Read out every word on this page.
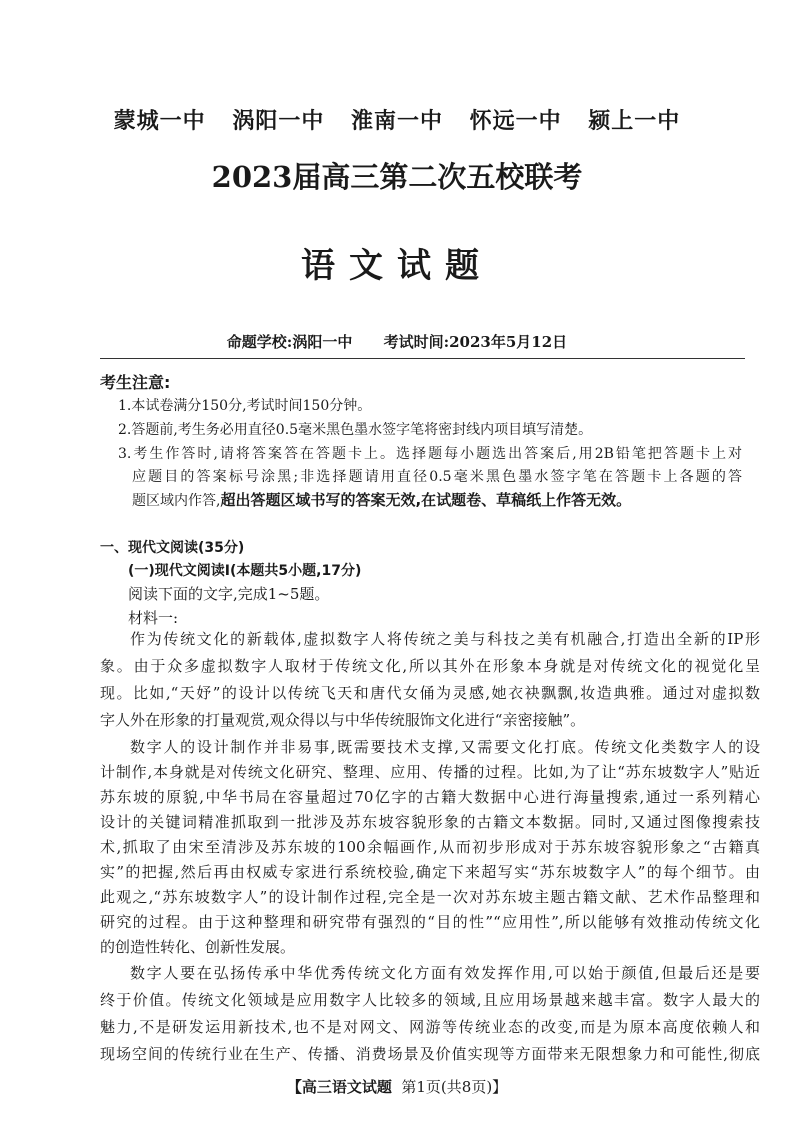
蒙城一中 涡阳一中 淮南一中 怀远一中 颍上一中
2023届高三第二次五校联考
语文试题
命题学校:涡阳一中 考试时间:2023年5月12日
考生注意:
1.本试卷满分150分,考试时间150分钟。
2.答题前,考生务必用直径0.5毫米黑色墨水签字笔将密封线内项目填写清楚。
3.考生作答时,请将答案答在答题卡上。选择题每小题选出答案后,用2B铅笔把答题卡上对
应题目的答案标号涂黑;非选择题请用直径0.5毫米黑色墨水签字笔在答题卡上各题的答
题区域内作答,超出答题区域书写的答案无效,在试题卷、草稿纸上作答无效。
一、现代文阅读(35分)
(一)现代文阅读Ⅰ(本题共5小题,17分)
阅读下面的文字,完成1~5题。
材料一:
作为传统文化的新载体,虚拟数字人将传统之美与科技之美有机融合,打造出全新的IP形
象。由于众多虚拟数字人取材于传统文化,所以其外在形象本身就是对传统文化的视觉化呈
现。比如,“天妤”的设计以传统飞天和唐代女俑为灵感,她衣袂飘飘,妆造典雅。通过对虚拟数
字人外在形象的打量观赏,观众得以与中华传统服饰文化进行“亲密接触”。
数字人的设计制作并非易事,既需要技术支撑,又需要文化打底。传统文化类数字人的设
计制作,本身就是对传统文化研究、整理、应用、传播的过程。比如,为了让“苏东坡数字人”贴近
苏东坡的原貌,中华书局在容量超过70亿字的古籍大数据中心进行海量搜索,通过一系列精心
设计的关键词精准抓取到一批涉及苏东坡容貌形象的古籍文本数据。同时,又通过图像搜索技
术,抓取了由宋至清涉及苏东坡的100余幅画作,从而初步形成对于苏东坡容貌形象之“古籍真
实”的把握,然后再由权威专家进行系统校验,确定下来超写实“苏东坡数字人”的每个细节。由
此观之,“苏东坡数字人”的设计制作过程,完全是一次对苏东坡主题古籍文献、艺术作品整理和
研究的过程。由于这种整理和研究带有强烈的“目的性”“应用性”,所以能够有效推动传统文化
的创造性转化、创新性发展。
数字人要在弘扬传承中华优秀传统文化方面有效发挥作用,可以始于颜值,但最后还是要
终于价值。传统文化领域是应用数字人比较多的领域,且应用场景越来越丰富。数字人最大的
魅力,不是研发运用新技术,也不是对网文、网游等传统业态的改变,而是为原本高度依赖人和
现场空间的传统行业在生产、传播、消费场景及价值实现等方面带来无限想象力和可能性,彻底
【高三语文试题 第1页(共8页)】
